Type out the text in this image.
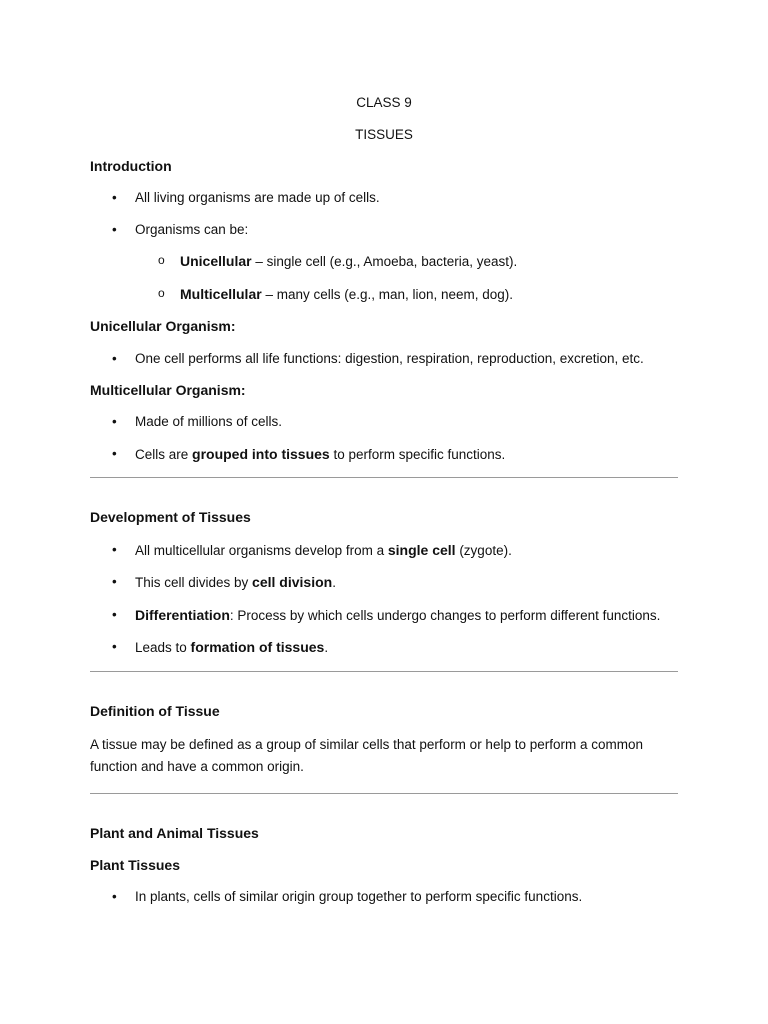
CLASS 9

TISSUES

Introduction
• All living organisms are made up of cells.
• Organisms can be:
o Unicellular – single cell (e.g., Amoeba, bacteria, yeast).
o Multicellular – many cells (e.g., man, lion, neem, dog).
Unicellular Organism:
• One cell performs all life functions: digestion, respiration, reproduction, excretion, etc.
Multicellular Organism:
• Made of millions of cells.
• Cells are grouped into tissues to perform specific functions.
Development of Tissues
• All multicellular organisms develop from a single cell (zygote).
• This cell divides by cell division.
• Differentiation: Process by which cells undergo changes to perform different functions.
• Leads to formation of tissues.
Definition of Tissue

A tissue may be defined as a group of similar cells that perform or help to perform a common function and have a common origin.

Plant and Animal Tissues
Plant Tissues
• In plants, cells of similar origin group together to perform specific functions.
